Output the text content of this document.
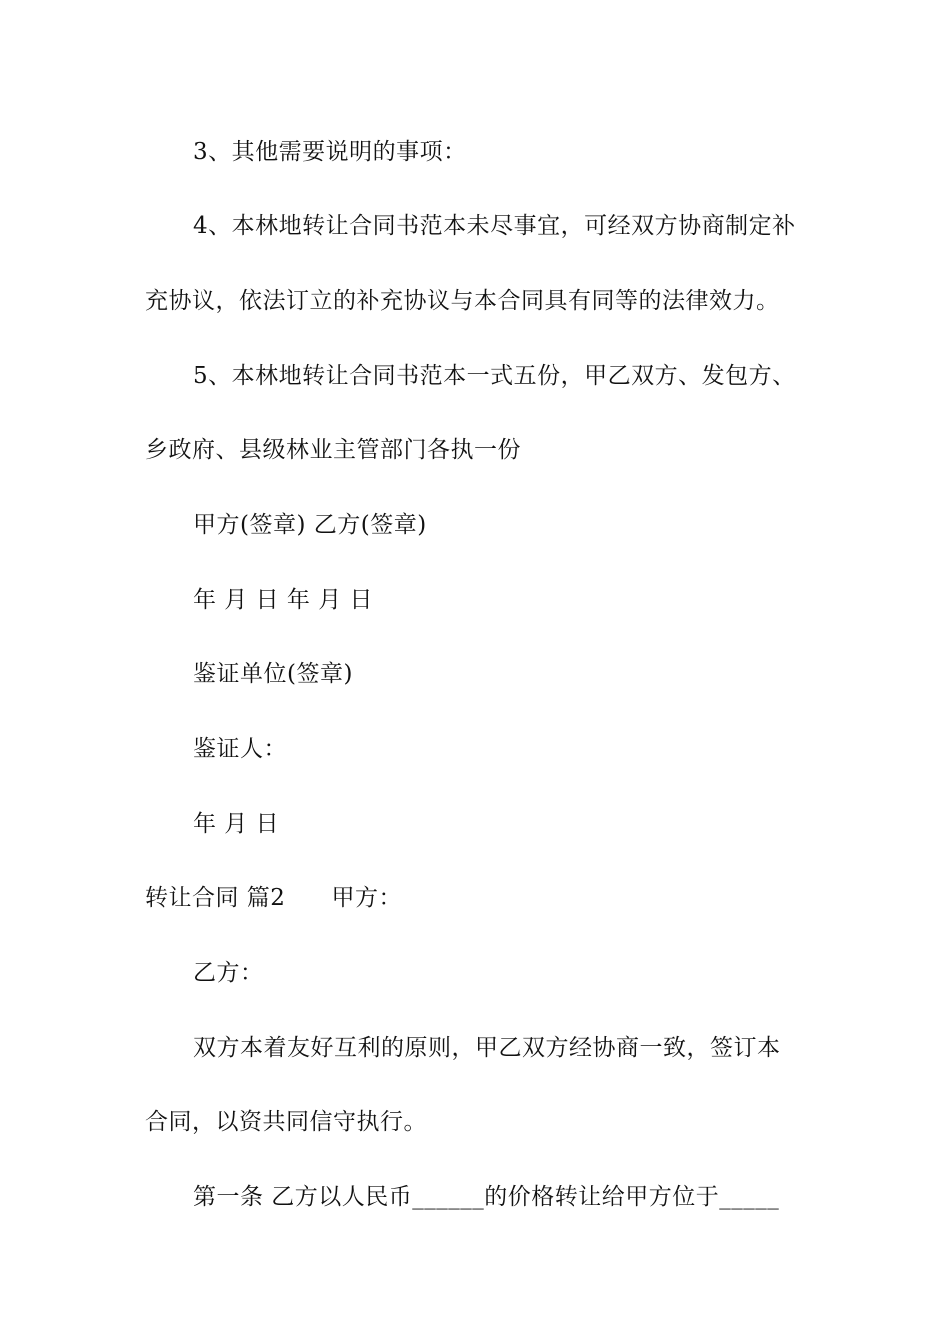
3、其他需要说明的事项：
4、本林地转让合同书范本未尽事宜，可经双方协商制定补
充协议，依法订立的补充协议与本合同具有同等的法律效力。
5、本林地转让合同书范本一式五份，甲乙双方、发包方、
乡政府、县级林业主管部门各执一份
甲方(签章) 乙方(签章)
年 月 日 年 月 日
鉴证单位(签章)
鉴证人：
年 月 日
转让合同 篇2 甲方：
乙方：
双方本着友好互利的原则，甲乙双方经协商一致，签订本
合同，以资共同信守执行。
第一条 乙方以人民币______的价格转让给甲方位于_____
